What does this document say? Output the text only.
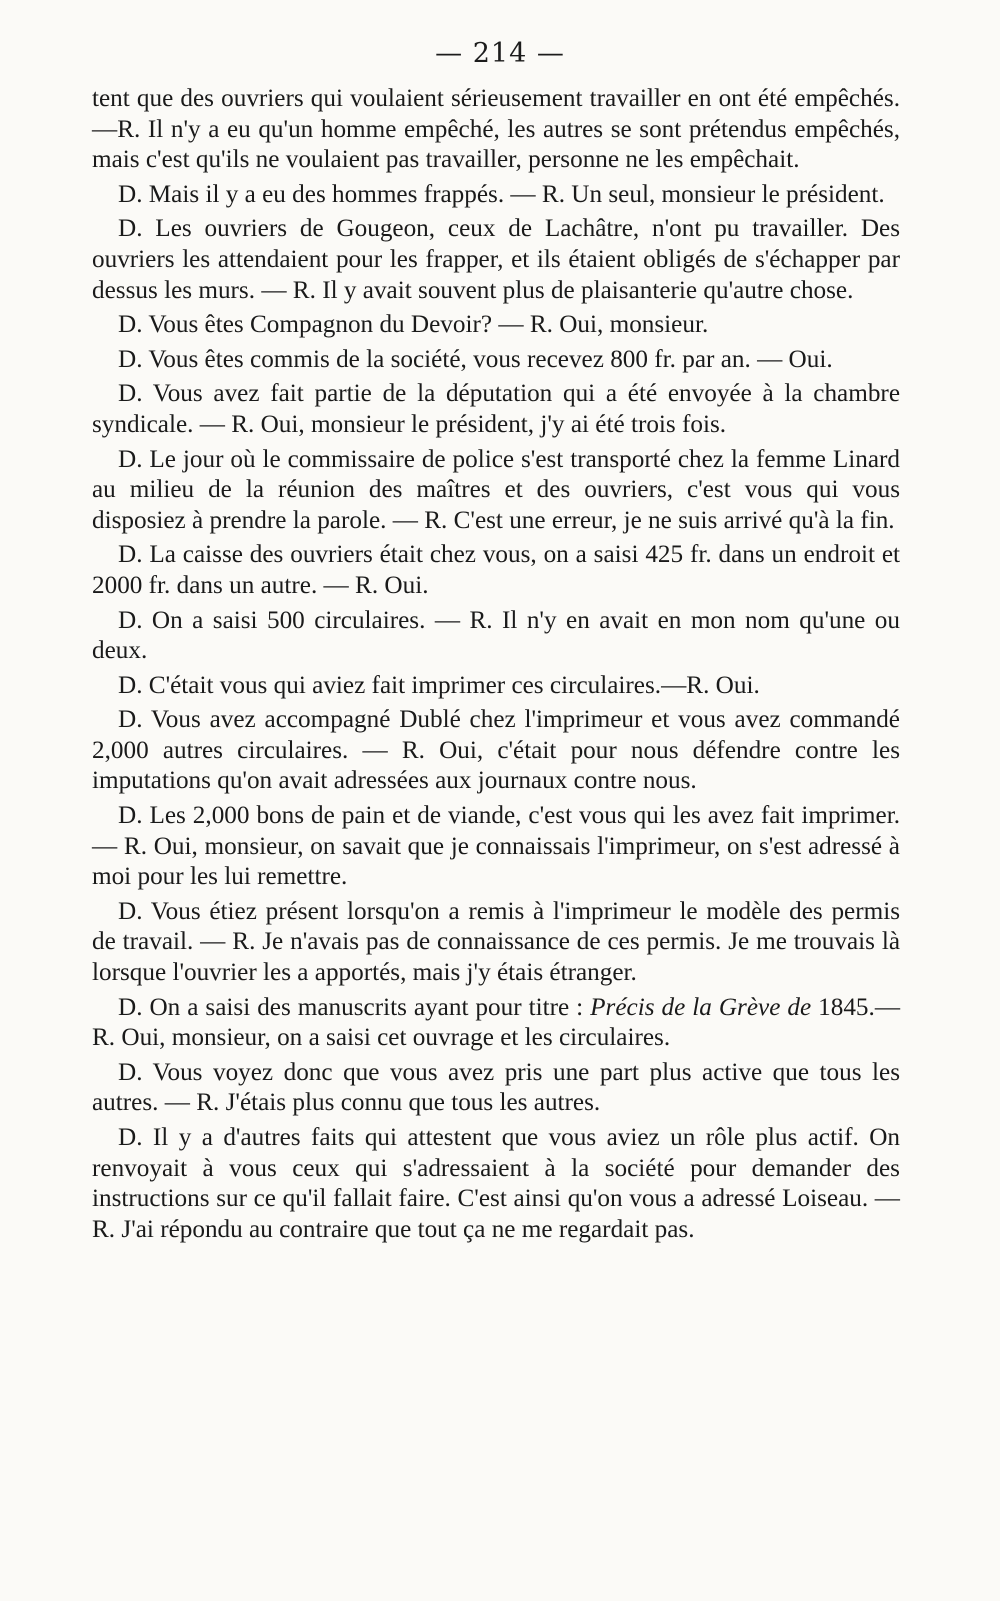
— 214 —

tent que des ouvriers qui voulaient sérieusement travailler en ont été empêchés.—R. Il n'y a eu qu'un homme empêché, les autres se sont prétendus empêchés, mais c'est qu'ils ne voulaient pas travailler, personne ne les empêchait.

D. Mais il y a eu des hommes frappés. — R. Un seul, monsieur le président.

D. Les ouvriers de Gougeon, ceux de Lachâtre, n'ont pu travailler. Des ouvriers les attendaient pour les frapper, et ils étaient obligés de s'échapper par dessus les murs. — R. Il y avait souvent plus de plaisanterie qu'autre chose.

D. Vous êtes Compagnon du Devoir? — R. Oui, monsieur.

D. Vous êtes commis de la société, vous recevez 800 fr. par an. — Oui.

D. Vous avez fait partie de la députation qui a été envoyée à la chambre syndicale. — R. Oui, monsieur le président, j'y ai été trois fois.

D. Le jour où le commissaire de police s'est transporté chez la femme Linard au milieu de la réunion des maîtres et des ouvriers, c'est vous qui vous disposiez à prendre la parole. — R. C'est une erreur, je ne suis arrivé qu'à la fin.

D. La caisse des ouvriers était chez vous, on a saisi 425 fr. dans un endroit et 2000 fr. dans un autre. — R. Oui.

D. On a saisi 500 circulaires. — R. Il n'y en avait en mon nom qu'une ou deux.

D. C'était vous qui aviez fait imprimer ces circulaires.—R. Oui.

D. Vous avez accompagné Dublé chez l'imprimeur et vous avez commandé 2,000 autres circulaires. — R. Oui, c'était pour nous défendre contre les imputations qu'on avait adressées aux journaux contre nous.

D. Les 2,000 bons de pain et de viande, c'est vous qui les avez fait imprimer. — R. Oui, monsieur, on savait que je connaissais l'imprimeur, on s'est adressé à moi pour les lui remettre.

D. Vous étiez présent lorsqu'on a remis à l'imprimeur le modèle des permis de travail. — R. Je n'avais pas de connaissance de ces permis. Je me trouvais là lorsque l'ouvrier les a apportés, mais j'y étais étranger.

D. On a saisi des manuscrits ayant pour titre : Précis de la Grève de 1845.—R. Oui, monsieur, on a saisi cet ouvrage et les circulaires.

D. Vous voyez donc que vous avez pris une part plus active que tous les autres. — R. J'étais plus connu que tous les autres.

D. Il y a d'autres faits qui attestent que vous aviez un rôle plus actif. On renvoyait à vous ceux qui s'adressaient à la société pour demander des instructions sur ce qu'il fallait faire. C'est ainsi qu'on vous a adressé Loiseau. — R. J'ai répondu au contraire que tout ça ne me regardait pas.
